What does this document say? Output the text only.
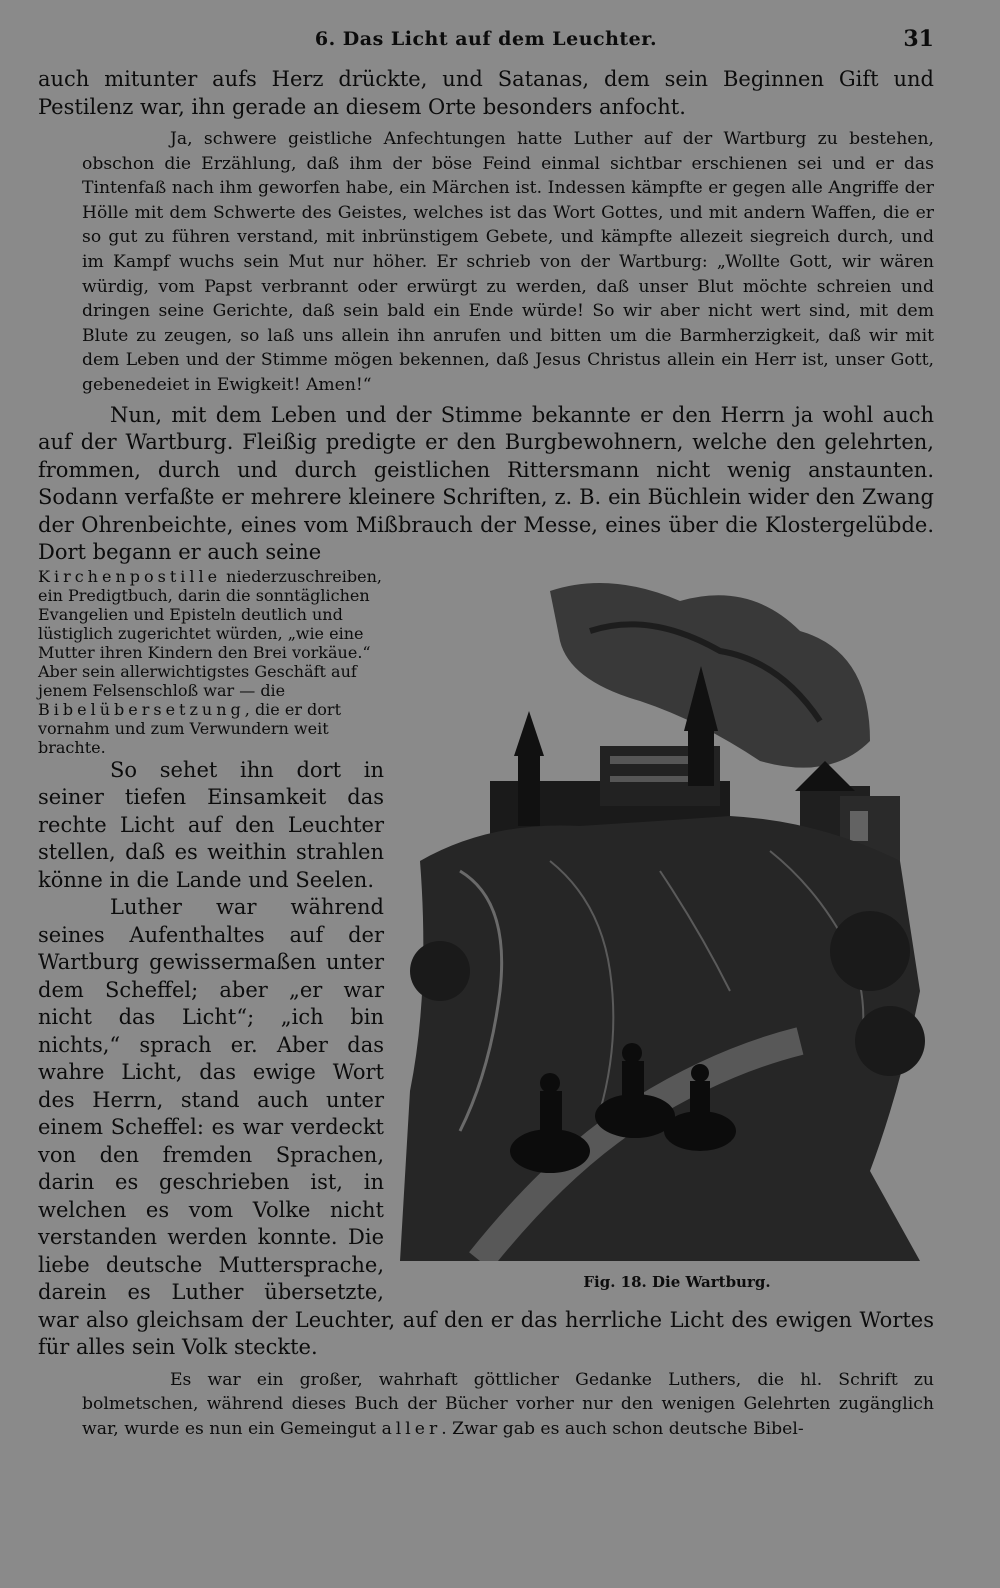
6. Das Licht auf dem Leuchter.	31

auch mitunter aufs Herz drückte, und Satanas, dem sein Beginnen Gift und Pestilenz war, ihn gerade an diesem Orte besonders anfocht.

Ja, schwere geistliche Anfechtungen hatte Luther auf der Wartburg zu bestehen, obschon die Erzählung, daß ihm der böse Feind einmal sichtbar erschienen sei und er das Tintenfaß nach ihm geworfen habe, ein Märchen ist. Indessen kämpfte er gegen alle Angriffe der Hölle mit dem Schwerte des Geistes, welches ist das Wort Gottes, und mit andern Waffen, die er so gut zu führen verstand, mit inbrünstigem Gebete, und kämpfte allezeit siegreich durch, und im Kampf wuchs sein Mut nur höher. Er schrieb von der Wartburg: „Wollte Gott, wir wären würdig, vom Papst verbrannt oder erwürgt zu werden, daß unser Blut möchte schreien und dringen seine Gerichte, daß sein bald ein Ende würde! So wir aber nicht wert sind, mit dem Blute zu zeugen, so laß uns allein ihn anrufen und bitten um die Barmherzigkeit, daß wir mit dem Leben und der Stimme mögen bekennen, daß Jesus Christus allein ein Herr ist, unser Gott, gebenedeiet in Ewigkeit! Amen!“

Nun, mit dem Leben und der Stimme bekannte er den Herrn ja wohl auch auf der Wartburg. Fleißig predigte er den Burgbewohnern, welche den gelehrten, frommen, durch und durch geistlichen Rittersmann nicht wenig anstaunten. Sodann verfaßte er mehrere kleinere Schriften, z. B. ein Büchlein wider den Zwang der Ohrenbeichte, eines vom Mißbrauch der Messe, eines über die Klostergelübde. Dort begann er auch seine

Fig. 18. Die Wartburg.
Kirchenpostille niederzuschreiben, ein Predigtbuch, darin die sonntäglichen Evangelien und Episteln deutlich und lüstiglich zugerichtet würden, „wie eine Mutter ihren Kindern den Brei vorkäue.“ Aber sein allerwichtigstes Geschäft auf jenem Felsenschloß war — die Bibelübersetzung, die er dort vornahm und zum Verwundern weit brachte.

So sehet ihn dort in seiner tiefen Einsamkeit das rechte Licht auf den Leuchter stellen, daß es weithin strahlen könne in die Lande und Seelen.

Luther war während seines Aufenthaltes auf der Wartburg gewissermaßen unter dem Scheffel; aber „er war nicht das Licht“; „ich bin nichts,“ sprach er. Aber das wahre Licht, das ewige Wort des Herrn, stand auch unter einem Scheffel: es war verdeckt von den fremden Sprachen, darin es geschrieben ist, in welchen es vom Volke nicht verstanden werden konnte. Die liebe deutsche Muttersprache, darein es Luther übersetzte, war also gleichsam der Leuchter, auf den er das herrliche Licht des ewigen Wortes für alles sein Volk steckte.

Es war ein großer, wahrhaft göttlicher Gedanke Luthers, die hl. Schrift zu bolmetschen, während dieses Buch der Bücher vorher nur den wenigen Gelehrten zugänglich war, wurde es nun ein Gemeingut aller. Zwar gab es auch schon deutsche Bibel-
